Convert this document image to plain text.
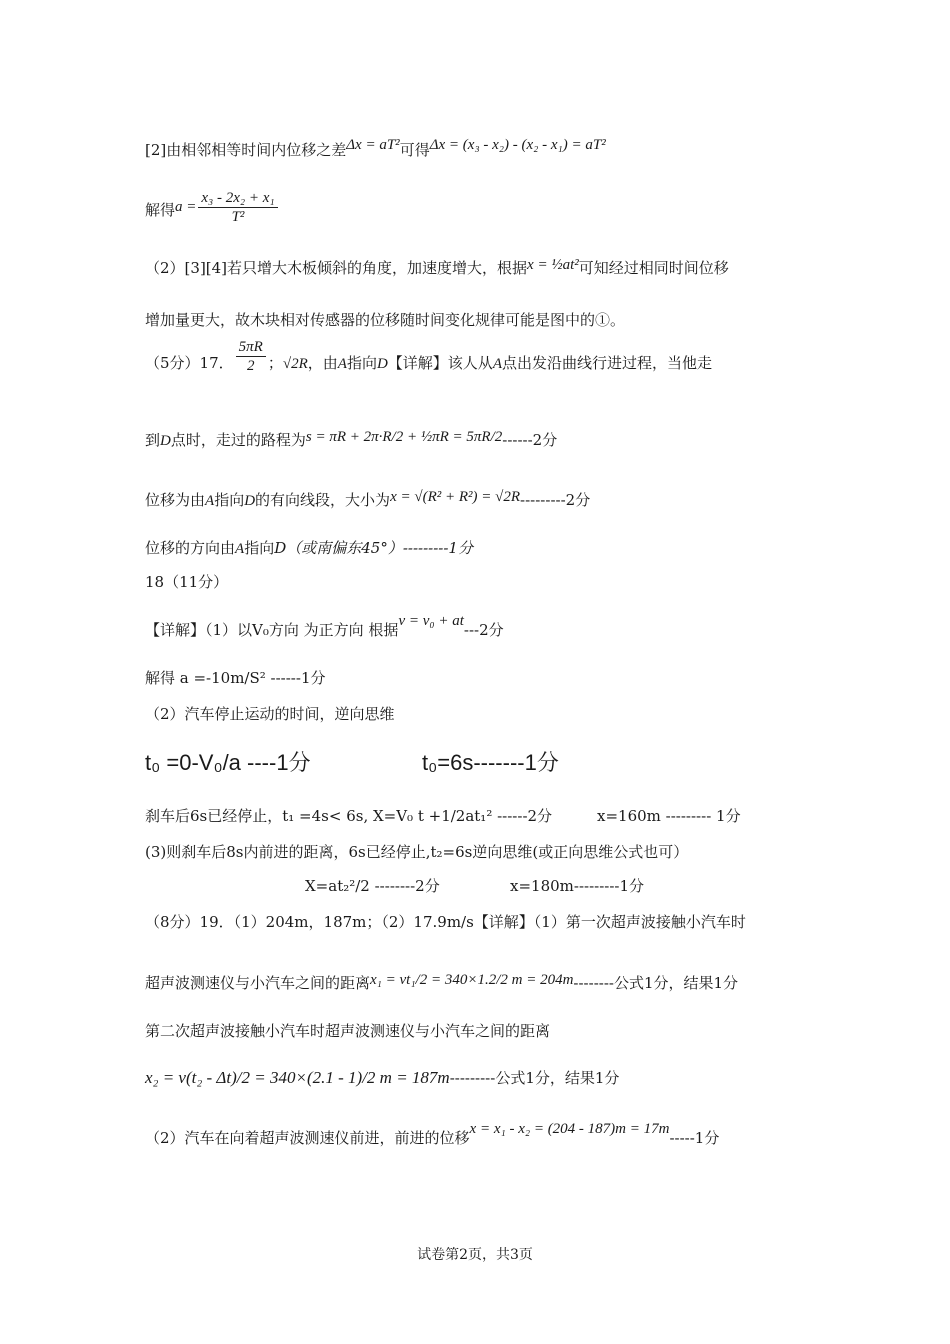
[2]由相邻相等时间内位移之差Δx = aT²可得Δx = (x₃ - x₂) - (x₂ - x₁) = aT²
解得$a = \frac{\text{x₃ - 2x₂ + x₁}}{\text{T²}}$
（2）[3][4]若只增大木板倾斜的角度，加速度增大，根据x = ½at²可知经过相同时间位移
增加量更大，故木块相对传感器的位移随时间变化规律可能是图中的①。
（5分）17． $\frac{5\pi R}{2}$ ；√2R，由A指向D【详解】该人从A点出发沿曲线行进过程，当他走
到D点时，走过的路程为s = πR + 2π·R/2 + ½πR = 5πR/2------2分
位移为由A指向D的有向线段，大小为x = √(R² + R²) = √2R---------2分
位移的方向由A指向D（或南偏东45°）---------1分
18（11分）
【详解】（1）以V₀方向 为正方向 根据v = v₀ + at---2分
解得 a =-10m/S² ------1分
（2）汽车停止运动的时间，逆向思维
t₀ =0-V₀/a ----1分	t₀=6s-------1分
刹车后6s已经停止，t₁ =4s< 6s, X=V₀ t +1/2at₁² ------2分	x=160m --------- 1分
(3)则刹车后8s内前进的距离，6s已经停止,t₂=6s逆向思维(或正向思维公式也可）
X=at₂²/2 --------2分	x=180m---------1分
（8分）19．（1）204m，187m；（2）17.9m/s【详解】（1）第一次超声波接触小汽车时
超声波测速仪与小汽车之间的距离x₁ = vt₁/2 = 340×1.2/2 m = 204m--------公式1分，结果1分
第二次超声波接触小汽车时超声波测速仪与小汽车之间的距离
x₂ = v(t₂ - Δt)/2 = 340×(2.1 - 1)/2 m = 187m---------公式1分，结果1分
（2）汽车在向着超声波测速仪前进，前进的位移x = x₁ - x₂ = (204 - 187)m = 17m-----1分
试卷第2页，共3页
